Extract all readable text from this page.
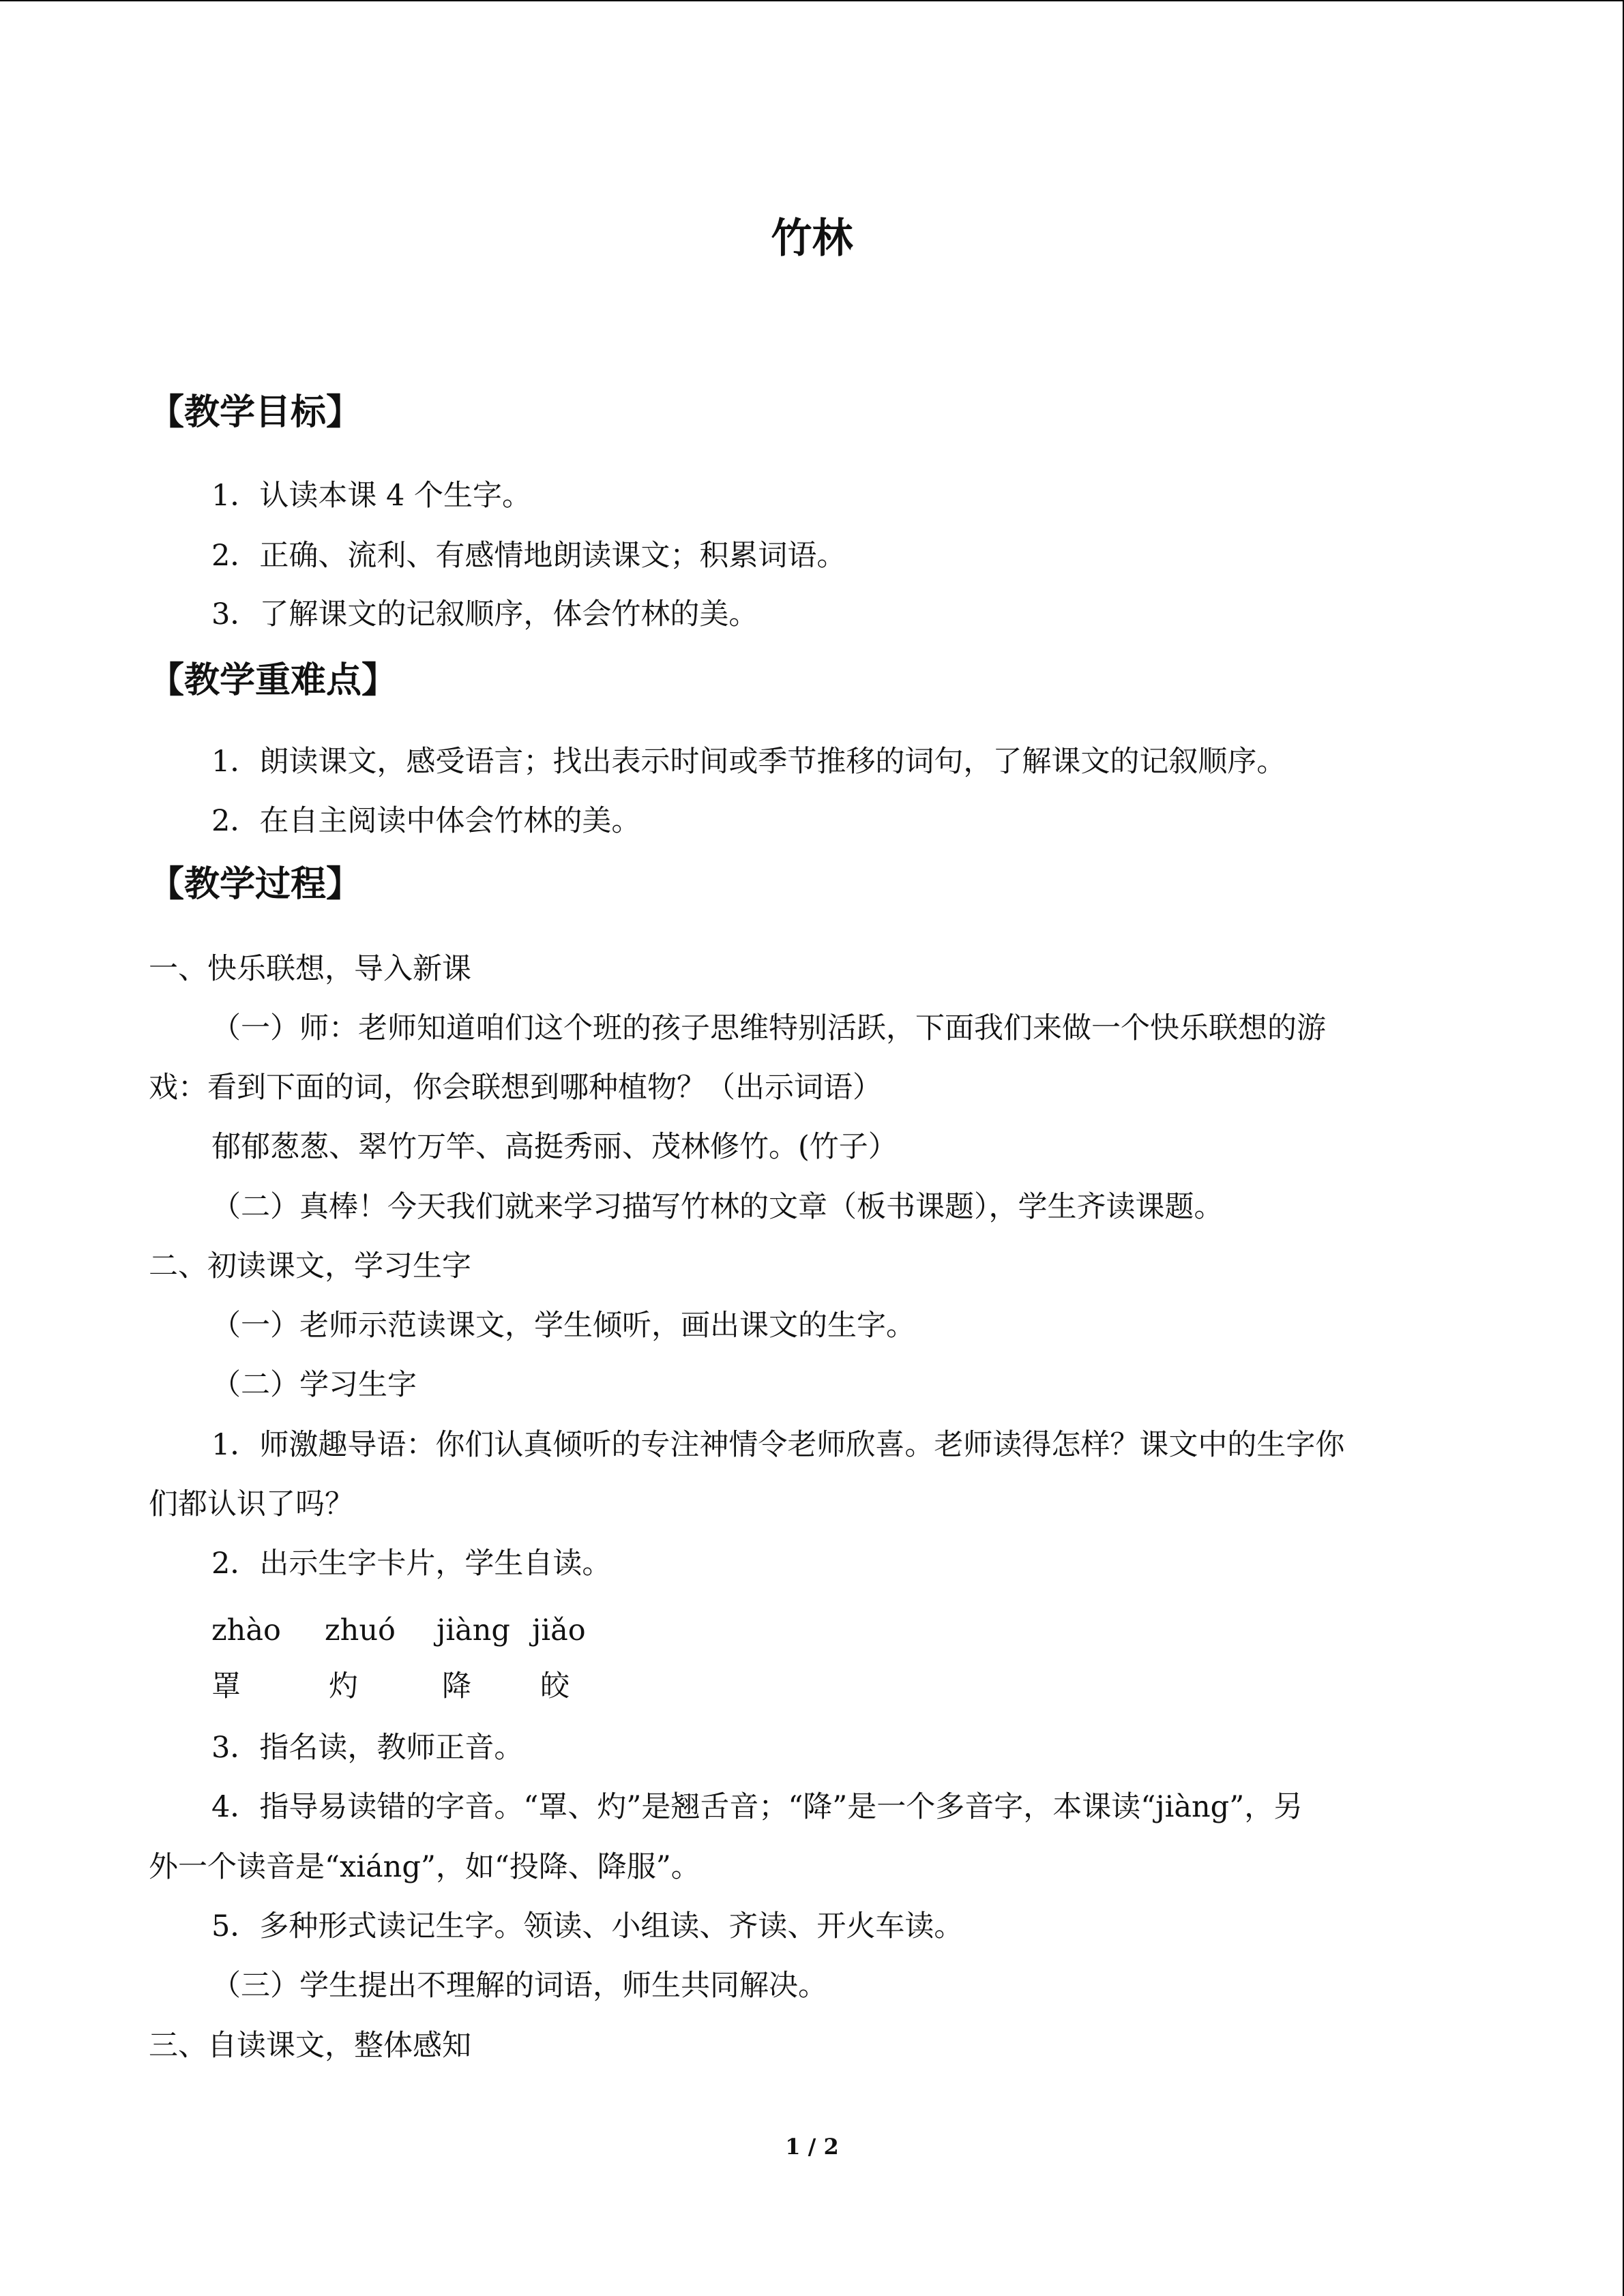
竹林
【教学目标】
1．认读本课 4 个生字。
2．正确、流利、有感情地朗读课文；积累词语。
3．了解课文的记叙顺序，体会竹林的美。
【教学重难点】
1．朗读课文，感受语言；找出表示时间或季节推移的词句，了解课文的记叙顺序。
2．在自主阅读中体会竹林的美。
【教学过程】
一、快乐联想，导入新课
（一）师：老师知道咱们这个班的孩子思维特别活跃，下面我们来做一个快乐联想的游
戏：看到下面的词，你会联想到哪种植物？（出示词语）
郁郁葱葱、翠竹万竿、高挺秀丽、茂林修竹。(竹子）
（二）真棒！今天我们就来学习描写竹林的文章（板书课题），学生齐读课题。
二、初读课文，学习生字
（一）老师示范读课文，学生倾听，画出课文的生字。
（二）学习生字
1．师激趣导语：你们认真倾听的专注神情令老师欣喜。老师读得怎样？课文中的生字你
们都认识了吗？
2．出示生字卡片，学生自读。
zhào zhuó jiàng jiǎo
罩	灼	降 皎
3．指名读，教师正音。
4．指导易读错的字音。“罩、灼”是翘舌音；“降”是一个多音字，本课读“jiàng”，另
外一个读音是“xiáng”，如“投降、降服”。
5．多种形式读记生字。领读、小组读、齐读、开火车读。
（三）学生提出不理解的词语，师生共同解决。
三、自读课文，整体感知
1 / 2
